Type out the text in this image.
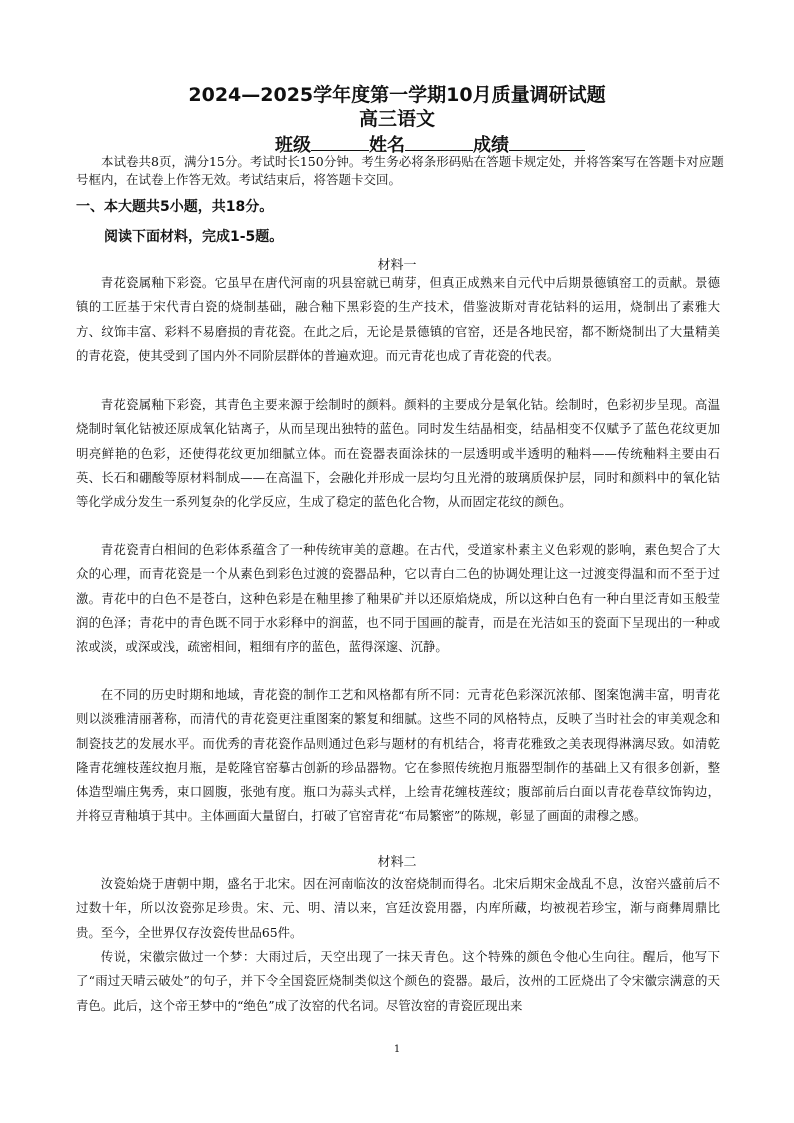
2024—2025学年度第一学期10月质量调研试题
高三语文
班级	姓名	成绩
本试卷共8页，满分15分。考试时长150分钟。考生务必将条形码贴在答题卡规定处，并将答案写在答题卡对应题号框内，在试卷上作答无效。考试结束后，将答题卡交回。
一、本大题共5小题，共18分。
阅读下面材料，完成1-5题。
材料一
青花瓷属釉下彩瓷。它虽早在唐代河南的巩县窑就已萌芽，但真正成熟来自元代中后期景德镇窑工的贡献。景德镇的工匠基于宋代青白瓷的烧制基础，融合釉下黑彩瓷的生产技术，借鉴波斯对青花钴料的运用，烧制出了素雅大方、纹饰丰富、彩料不易磨损的青花瓷。在此之后，无论是景德镇的官窑，还是各地民窑，都不断烧制出了大量精美的青花瓷，使其受到了国内外不同阶层群体的普遍欢迎。而元青花也成了青花瓷的代表。
青花瓷属釉下彩瓷，其青色主要来源于绘制时的颜料。颜料的主要成分是氧化钴。绘制时，色彩初步呈现。高温烧制时氧化钴被还原成氧化钴离子，从而呈现出独特的蓝色。同时发生结晶相变，结晶相变不仅赋予了蓝色花纹更加明亮鲜艳的色彩，还使得花纹更加细腻立体。而在瓷器表面涂抹的一层透明或半透明的釉料——传统釉料主要由石英、长石和硼酸等原材料制成——在高温下，会融化并形成一层均匀且光滑的玻璃质保护层，同时和颜料中的氧化钴等化学成分发生一系列复杂的化学反应，生成了稳定的蓝色化合物，从而固定花纹的颜色。
青花瓷青白相间的色彩体系蕴含了一种传统审美的意趣。在古代，受道家朴素主义色彩观的影响，素色契合了大众的心理，而青花瓷是一个从素色到彩色过渡的瓷器品种，它以青白二色的协调处理让这一过渡变得温和而不至于过激。青花中的白色不是苍白，这种色彩是在釉里掺了釉果矿并以还原焰烧成，所以这种白色有一种白里泛青如玉般莹润的色泽；青花中的青色既不同于水彩释中的润蓝，也不同于国画的靛青，而是在光洁如玉的瓷面下呈现出的一种或浓或淡，或深或浅，疏密相间，粗细有序的蓝色，蓝得深邃、沉静。
在不同的历史时期和地域，青花瓷的制作工艺和风格都有所不同：元青花色彩深沉浓郁、图案饱满丰富，明青花则以淡雅清丽著称，而清代的青花瓷更注重图案的繁复和细腻。这些不同的风格特点，反映了当时社会的审美观念和制瓷技艺的发展水平。而优秀的青花瓷作品则通过色彩与题材的有机结合，将青花雅致之美表现得淋漓尽致。如清乾隆青花缠枝莲纹抱月瓶，是乾隆官窑摹古创新的珍品器物。它在参照传统抱月瓶器型制作的基础上又有很多创新，整体造型端庄隽秀，束口圆腹，张弛有度。瓶口为蒜头式样，上绘青花缠枝莲纹；腹部前后白面以青花卷草纹饰钩边，并将豆青釉填于其中。主体画面大量留白，打破了官窑青花“布局繁密”的陈规，彰显了画面的肃穆之感。
材料二
汝瓷始烧于唐朝中期，盛名于北宋。因在河南临汝的汝窑烧制而得名。北宋后期宋金战乱不息，汝窑兴盛前后不过数十年，所以汝瓷弥足珍贵。宋、元、明、清以来，宫廷汝瓷用器，内库所藏，均被视若珍宝，渐与商彝周鼎比贵。至今，全世界仅存汝瓷传世品65件。
传说，宋徽宗做过一个梦：大雨过后，天空出现了一抹天青色。这个特殊的颜色令他心生向往。醒后，他写下了“雨过天晴云破处”的句子，并下令全国瓷匠烧制类似这个颜色的瓷器。最后，汝州的工匠烧出了令宋徽宗满意的天青色。此后，这个帝王梦中的“绝色”成了汝窑的代名词。尽管汝窑的青瓷匠现出来
1
